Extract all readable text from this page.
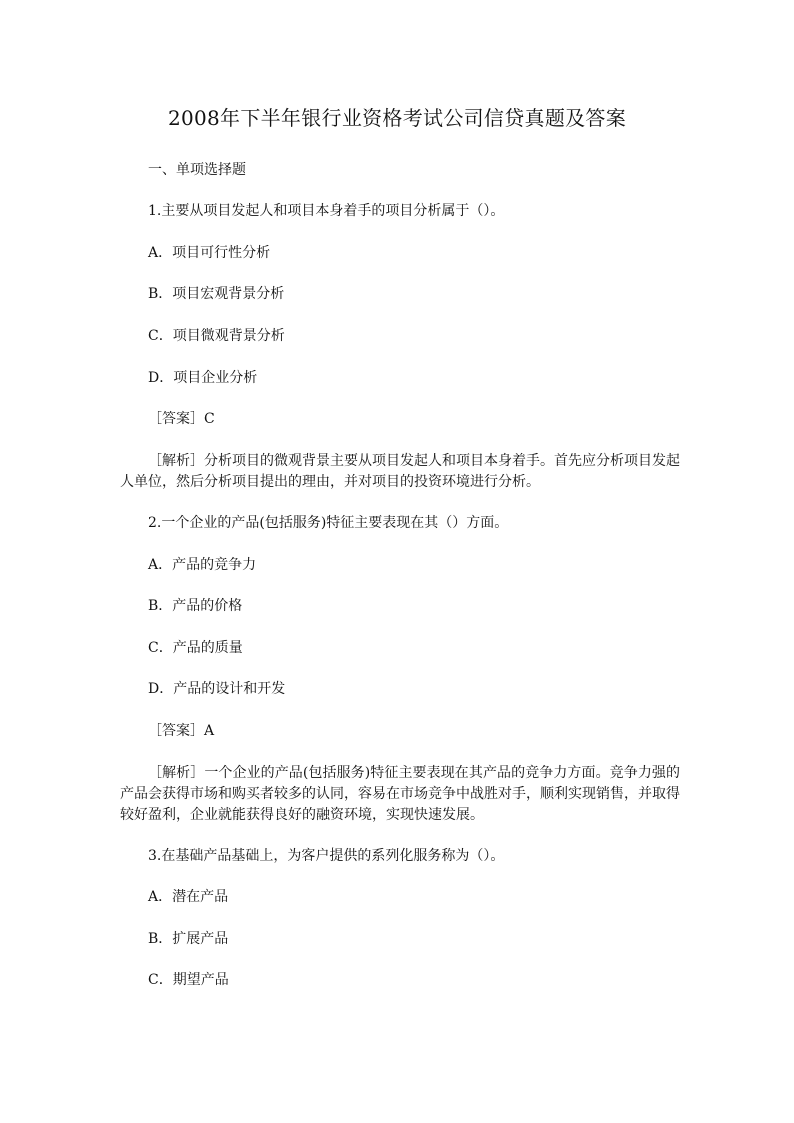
2008年下半年银行业资格考试公司信贷真题及答案
一、单项选择题
1.主要从项目发起人和项目本身着手的项目分析属于（）。
A．项目可行性分析
B．项目宏观背景分析
C．项目微观背景分析
D．项目企业分析
［答案］C
［解析］分析项目的微观背景主要从项目发起人和项目本身着手。首先应分析项目发起人单位，然后分析项目提出的理由，并对项目的投资环境进行分析。
2.一个企业的产品(包括服务)特征主要表现在其（）方面。
A．产品的竞争力
B．产品的价格
C．产品的质量
D．产品的设计和开发
［答案］A
［解析］一个企业的产品(包括服务)特征主要表现在其产品的竞争力方面。竞争力强的产品会获得市场和购买者较多的认同，容易在市场竞争中战胜对手，顺利实现销售，并取得较好盈利，企业就能获得良好的融资环境，实现快速发展。
3.在基础产品基础上，为客户提供的系列化服务称为（）。
A．潜在产品
B．扩展产品
C．期望产品
